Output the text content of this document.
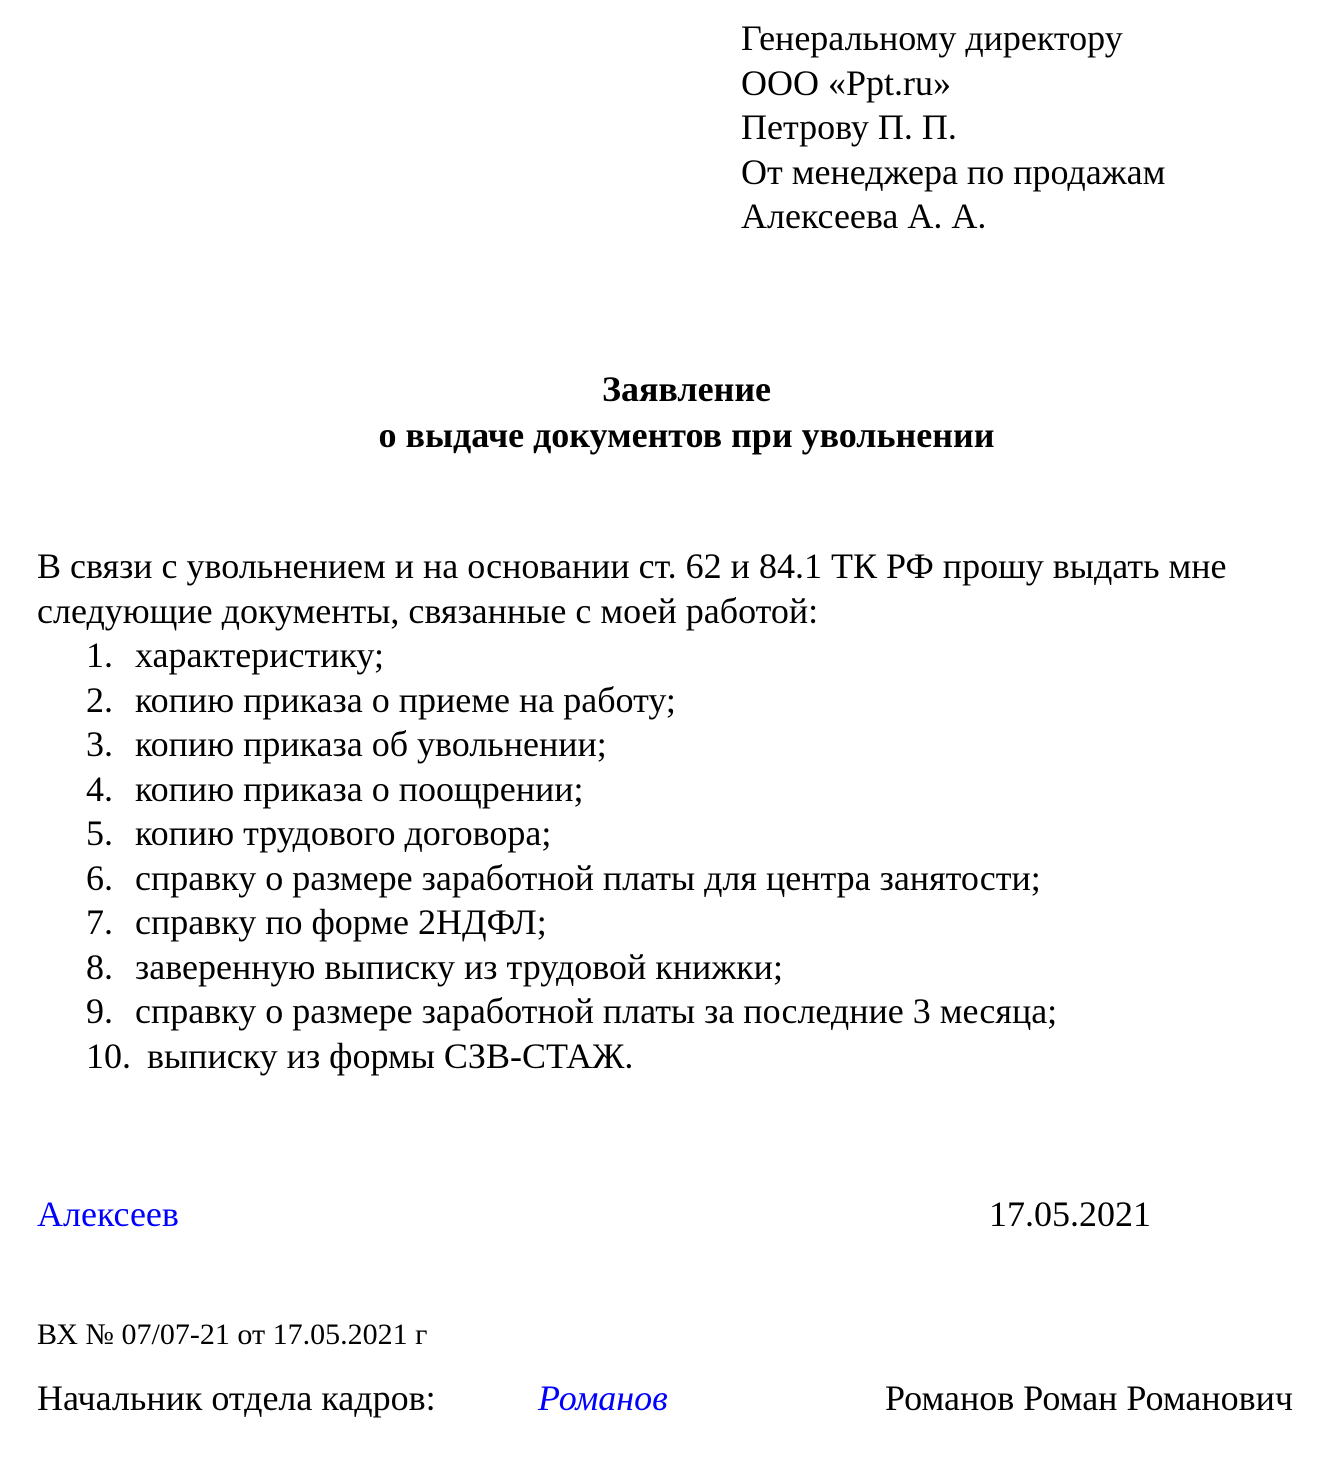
Генеральному директору
ООО «Ppt.ru»
Петрову П. П.
От менеджера по продажам
Алексеева А. А.
Заявление
о выдаче документов при увольнении
В связи с увольнением и на основании ст. 62 и 84.1 ТК РФ прошу выдать мне
следующие документы, связанные с моей работой:
1. характеристику;
2. копию приказа о приеме на работу;
3. копию приказа об увольнении;
4. копию приказа о поощрении;
5. копию трудового договора;
6. справку о размере заработной платы для центра занятости;
7. справку по форме 2НДФЛ;
8. заверенную выписку из трудовой книжки;
9. справку о размере заработной платы за последние 3 месяца;
10. выписку из формы СЗВ-СТАЖ.
Алексеев	17.05.2021
ВХ № 07/07-21 от 17.05.2021 г
Начальник отдела кадров:	Романов	Романов Роман Романович
